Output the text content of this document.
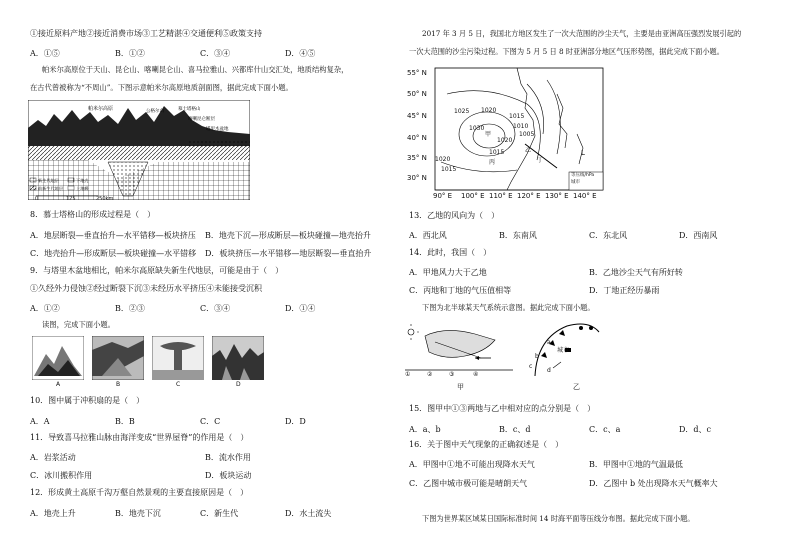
①接近原料产地②接近消费市场③工艺精湛④交通便利⑤政策支持
A．①⑤	B．①②	C．③④	D．④⑤
帕米尔高原位于天山、昆仑山、喀喇昆仑山、喜马拉雅山、兴都库什山交汇处，地质结构复杂，
在古代曾被称为“不周山”。下图示意帕米尔高原地质剖面图，据此完成下面小题。
帕米尔高原	公格尔山	慕士塔格山
喀喇昆仑断层
塔里木盆地
新生代地层	下地壳
前新生代地层	上地幔
0	125	250km
8．慕士塔格山的形成过程是（　）
A．地层断裂—垂直抬升—水平错移—板块挤压 B．地壳下沉—形成断层—板块碰撞—地壳抬升
C．地壳抬升—形成断层—板块碰撞—水平错移 D．板块挤压—水平错移—地层断裂—垂直抬升
9．与塔里木盆地相比，帕米尔高原缺失新生代地层，可能是由于（　）
①久经外力侵蚀②经过断裂下沉③未经历水平挤压④未能接受沉积
A．①②	B．②③	C．③④	D．①④
读图，完成下面小题。
A	B	C	D
10．图中属于冲积扇的是（　）
A．A	B．B	C．C	D．D
11．导致喜马拉雅山脉由海洋变成“世界屋脊”的作用是（　）
A．岩浆活动	B．流水作用
C．冰川搬积作用	D．板块运动
12．形成黄土高原千沟万壑自然景观的主要直接原因是（　）
A．地壳上升	B．地壳下沉	C．新生代	D．水土流失
2017 年 3 月 5 日，我国北方地区发生了一次大范围的沙尘天气，主要是由亚洲高压强烈发展引起的
一次大范围的沙尘污染过程。下图为 5 月 5 日 8 时亚洲部分地区气压形势图，据此完成下面小题。
55° N
50° N
45° N
40° N
35° N
30° N
90° E 100° E 110° E 120° E 130° E 140° E
1025 1020
1030
1020
1015
1010
1005
1020
1015
1015
甲
乙
丙	丁
L
等压线/hPa
城市
13．乙地的风向为（　）
A．西北风	B．东南风	C．东北风	D．西南风
14．此时，我国（　）
A．甲地风力大于乙地	B．乙地沙尘天气有所好转
C．丙地和丁地的气压值相等	D．丁地正经历暴雨
下图为北半球某天气系统示意图。据此完成下面小题。
①	②	③	④
甲
城市
a
b
c
d
乙
15．图甲中①③两地与乙中相对应的点分别是（　）
A．a、b	B．c、d	C．c、a	D．d、c
16．关于图中天气现象的正确叙述是（　）
A．甲图中①地不可能出现降水天气	B．甲图中①地的气温最低
C．乙图中城市极可能是晴朗天气	D．乙图中 b 处出现降水天气概率大
下图为世界某区域某日国际标准时间 14 时海平面等压线分布图。据此完成下面小题。
